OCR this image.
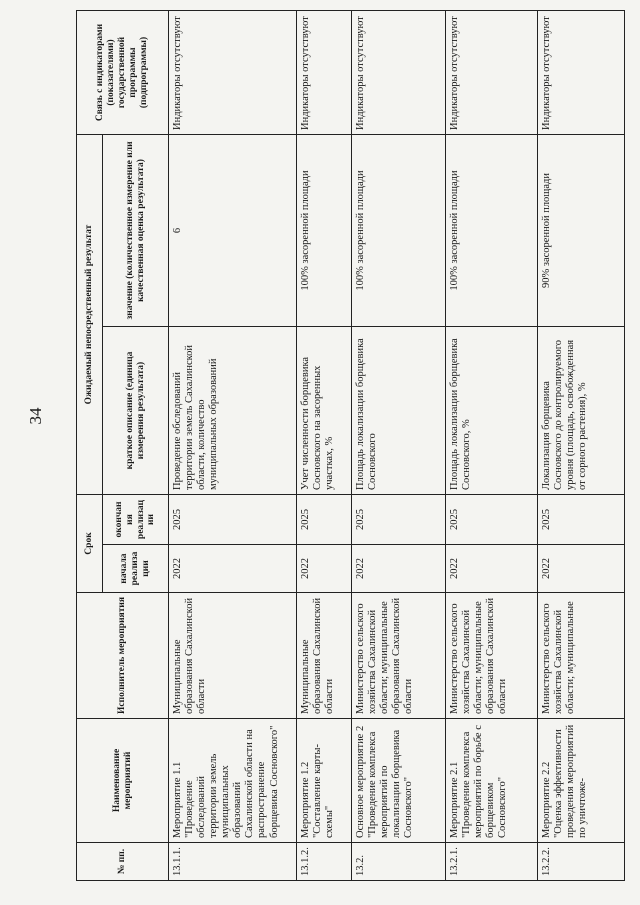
34
№ пп.	Наименование мероприятий	Исполнитель мероприятия	Срок		Ожидаемый непосредственный результат		Связь с индикаторами (показателями) государственной программы (подпрограммы)
			начала реализации	окончания реализации	краткое описание (единица измерения результата)	значение (количественное измерение или качественная оценка результата)	
13.1.1.	Мероприятие 1.1 "Проведение обследований территории земель муниципальных образований Сахалинской области на распространение борщевика Сосновского"	Муниципальные образования Сахалинской области	2022	2025	Проведение обследований территории земель Сахалинской области, количество муниципальных образований	6	Индикаторы отсутствуют
13.1.2.	Мероприятие 1.2 "Составление карты-схемы"	Муниципальные образования Сахалинской области	2022	2025	Учет численности борщевика Сосновского на засоренных участках, %	100% засоренной площади	Индикаторы отсутствуют
13.2.	Основное мероприятие 2 "Проведение комплекса мероприятий по локализации борщевика Сосновского"	Министерство сельского хозяйства Сахалинской области; муниципальные образования Сахалинской области	2022	2025	Площадь локализации борщевика Сосновского	100% засоренной площади	Индикаторы отсутствуют
13.2.1.	Мероприятие 2.1 "Проведение комплекса мероприятий по борьбе с борщевиком Сосновского"	Министерство сельского хозяйства Сахалинской области; муниципальные образования Сахалинской области	2022	2025	Площадь локализации борщевика Сосновского, %	100% засоренной площади	Индикаторы отсутствуют
13.2.2.	Мероприятие 2.2 "Оценка эффективности проведения мероприятий по уничтоже-	Министерство сельского хозяйства Сахалинской области; муниципальные	2022	2025	Локализация борщевика Сосновского до контролируемого уровня (площадь, освобожденная от сорного растения), %	90% засоренной площади	Индикаторы отсутствуют
